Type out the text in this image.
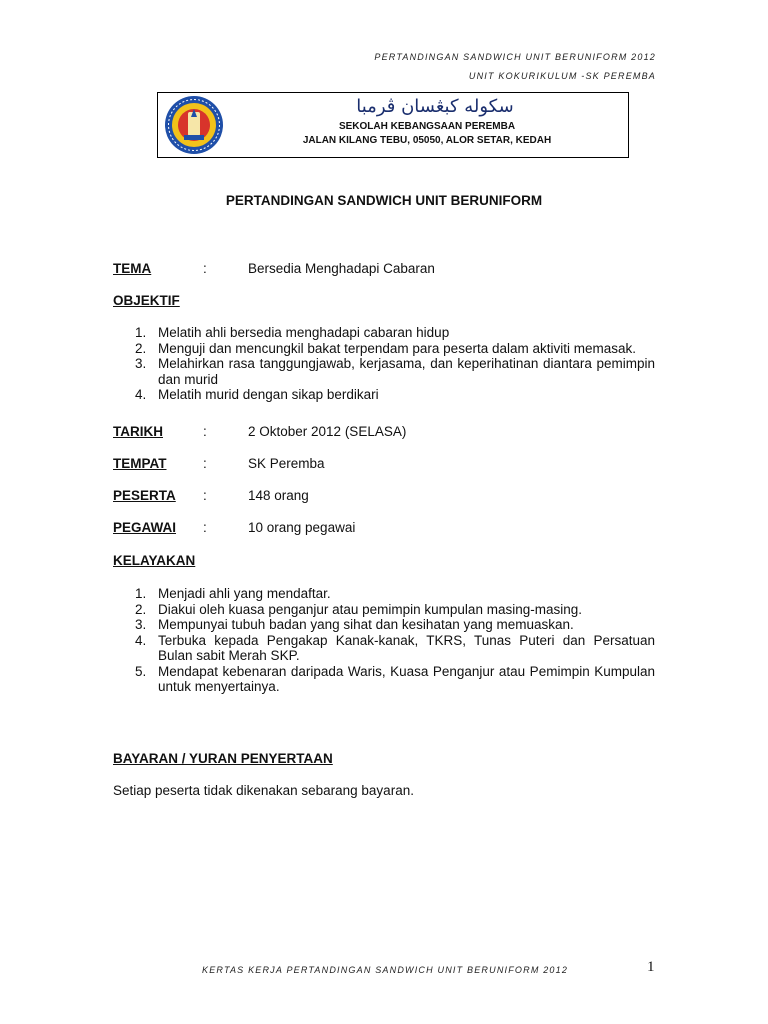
PERTANDINGAN SANDWICH UNIT BERUNIFORM 2012
UNIT KOKURIKULUM -SK PEREMBA
سکوله کبڠسان ڤرمبا
SEKOLAH KEBANGSAAN PEREMBA
JALAN KILANG TEBU, 05050, ALOR SETAR, KEDAH
PERTANDINGAN SANDWICH UNIT BERUNIFORM
TEMA	:	Bersedia Menghadapi Cabaran
OBJEKTIF
1. Melatih ahli bersedia menghadapi cabaran hidup
2. Menguji dan mencungkil bakat terpendam para peserta dalam aktiviti memasak.
3. Melahirkan rasa tanggungjawab, kerjasama, dan keperihatinan diantara pemimpin dan murid
4. Melatih murid dengan sikap berdikari
TARIKH	:	2 Oktober 2012 (SELASA)
TEMPAT	:	SK Peremba
PESERTA :	148 orang
PEGAWAI :	10 orang pegawai
KELAYAKAN
1. Menjadi ahli yang mendaftar.
2. Diakui oleh kuasa penganjur atau pemimpin kumpulan masing-masing.
3. Mempunyai tubuh badan yang sihat dan kesihatan yang memuaskan.
4. Terbuka kepada Pengakap Kanak-kanak, TKRS, Tunas Puteri dan Persatuan Bulan sabit Merah SKP.
5. Mendapat kebenaran daripada Waris, Kuasa Penganjur atau Pemimpin Kumpulan untuk menyertainya.
BAYARAN / YURAN PENYERTAAN
Setiap peserta tidak dikenakan sebarang bayaran.
KERTAS KERJA PERTANDINGAN SANDWICH UNIT BERUNIFORM 2012	1
